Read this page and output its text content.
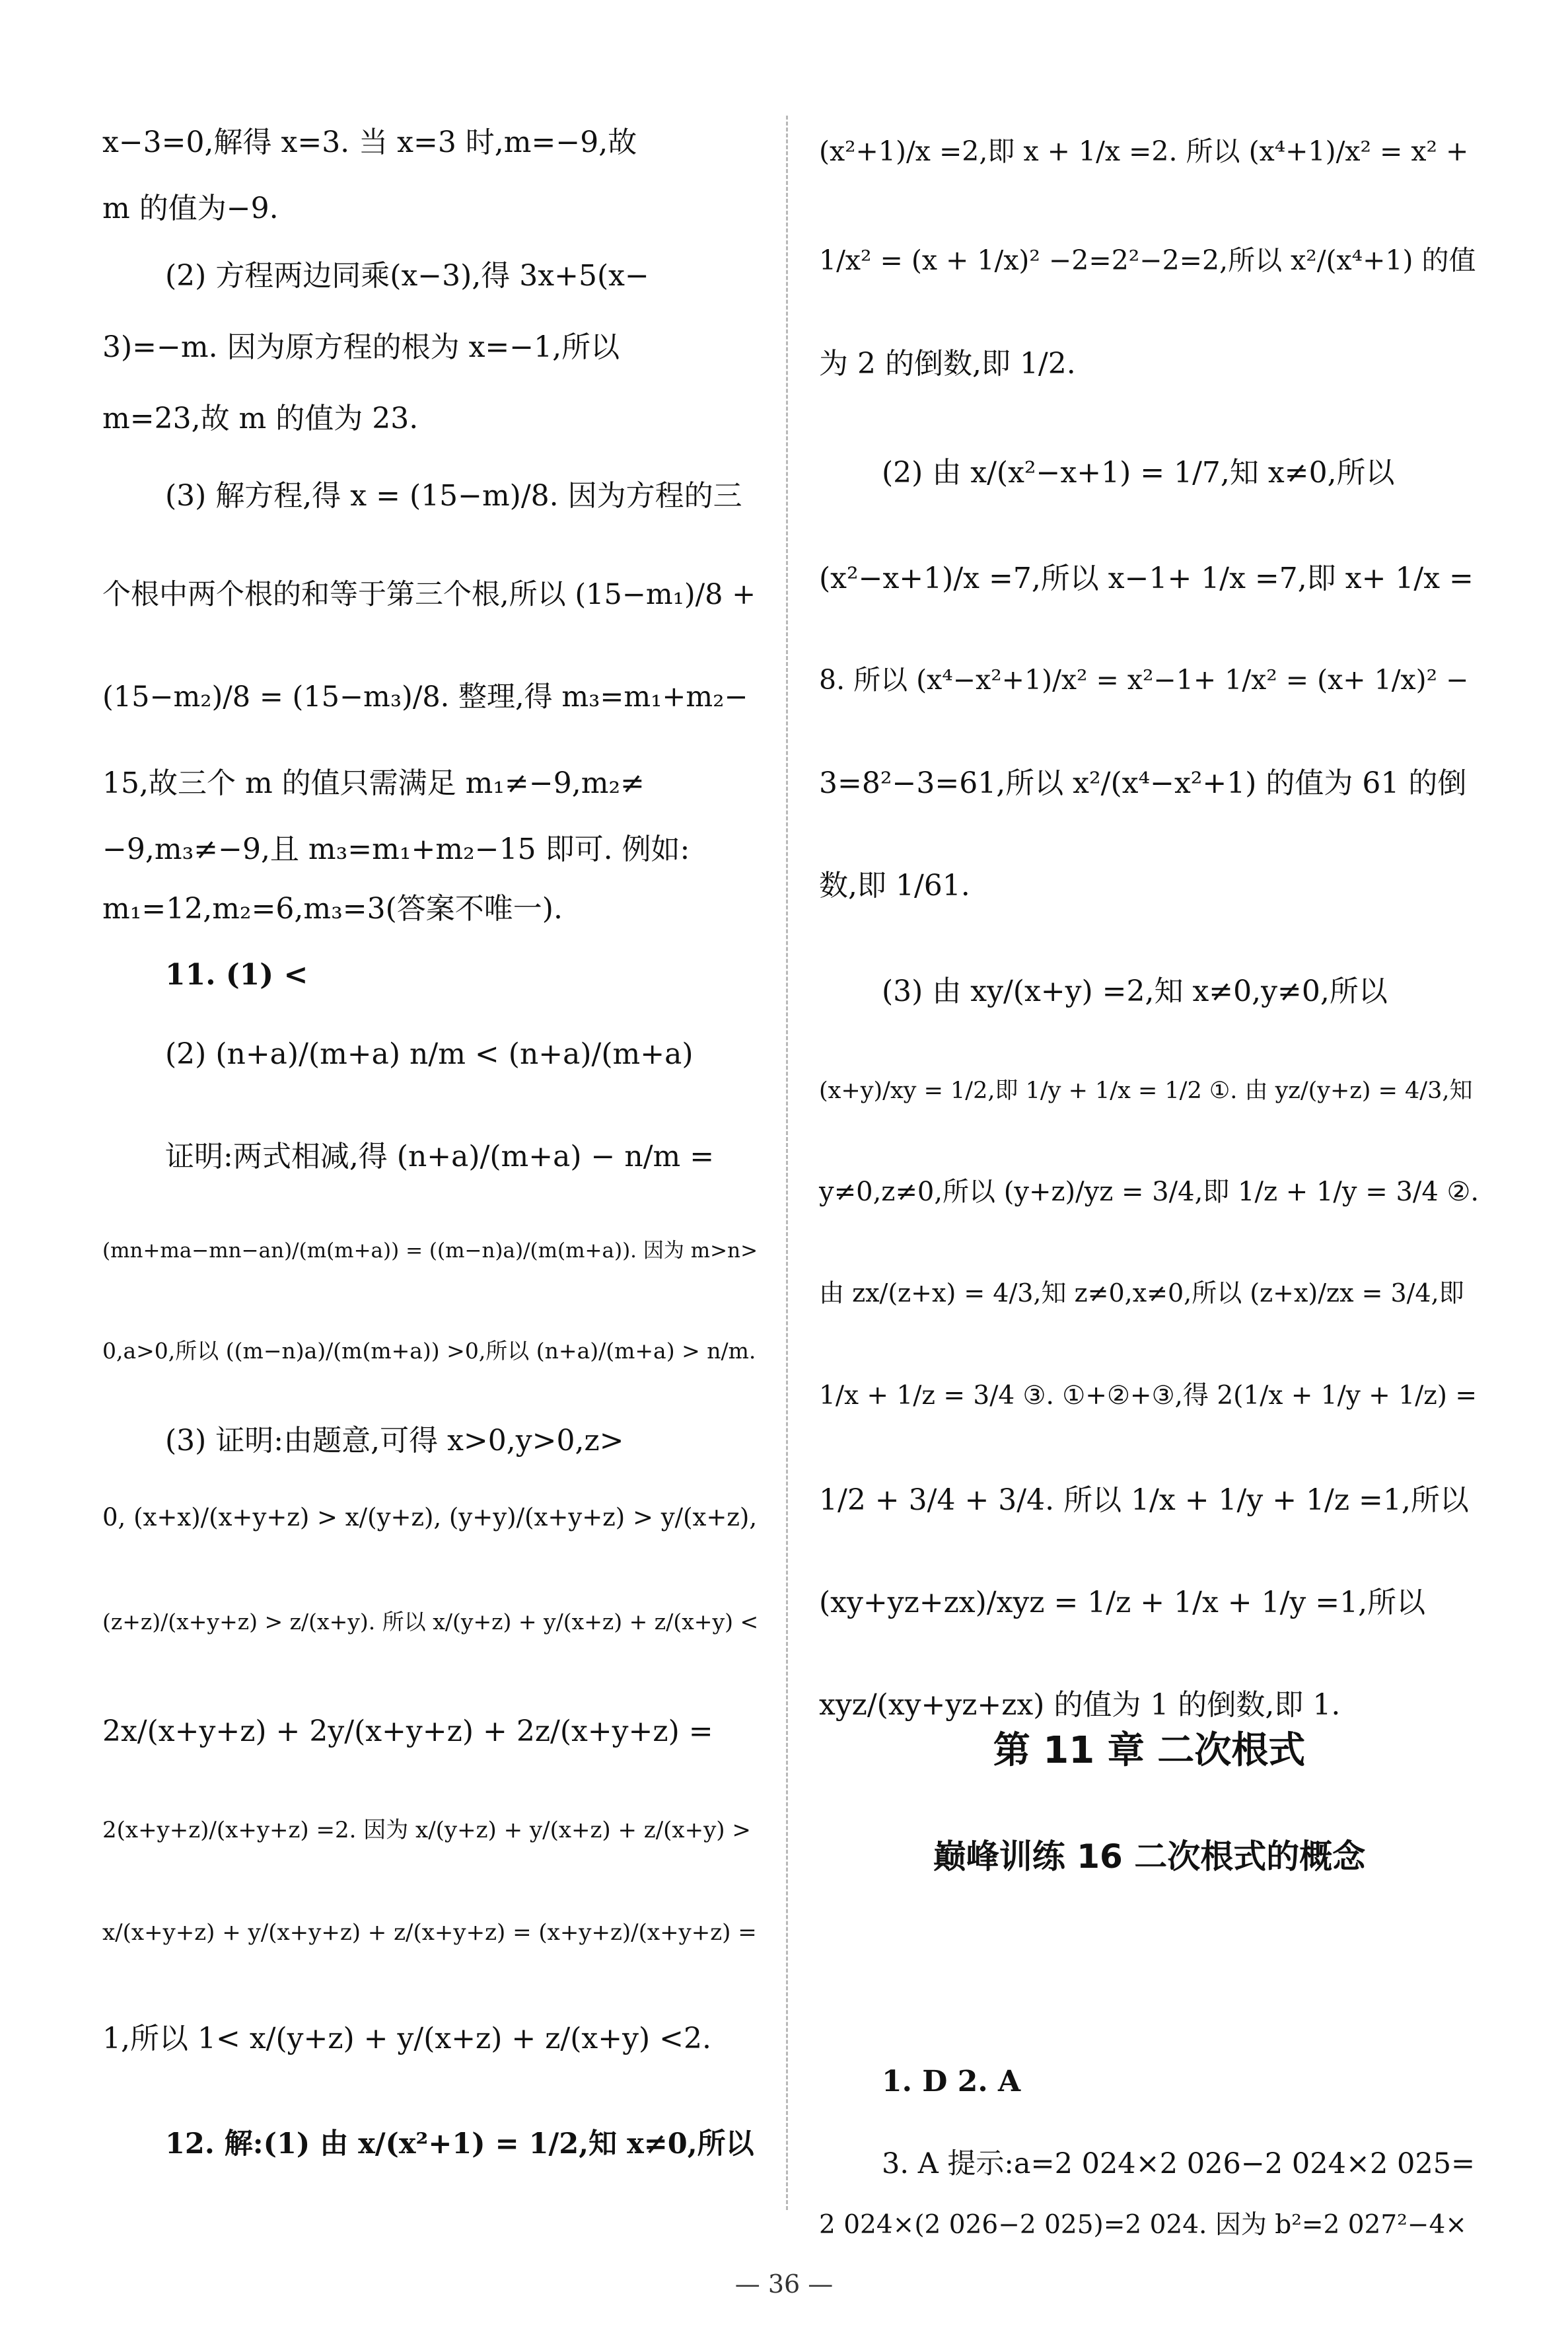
x−3=0,解得 x=3. 当 x=3 时,m=−9,故
m 的值为−9.
(2) 方程两边同乘(x−3),得 3x+5(x−
3)=−m. 因为原方程的根为 x=−1,所以
m=23,故 m 的值为 23.
(3) 解方程,得 x = (15−m)/8. 因为方程的三
个根中两个根的和等于第三个根,所以 (15−m₁)/8 +
(15−m₂)/8 = (15−m₃)/8. 整理,得 m₃=m₁+m₂−
15,故三个 m 的值只需满足 m₁≠−9,m₂≠
−9,m₃≠−9,且 m₃=m₁+m₂−15 即可. 例如:
m₁=12,m₂=6,m₃=3(答案不唯一).
11. (1) <
(2) (n+a)/(m+a) n/m < (n+a)/(m+a)
证明:两式相减,得 (n+a)/(m+a) − n/m =
(mn+ma−mn−an)/(m(m+a)) = ((m−n)a)/(m(m+a)). 因为 m>n>
0,a>0,所以 ((m−n)a)/(m(m+a)) >0,所以 (n+a)/(m+a) > n/m.
(3) 证明:由题意,可得 x>0,y>0,z>
0, (x+x)/(x+y+z) > x/(y+z), (y+y)/(x+y+z) > y/(x+z),
(z+z)/(x+y+z) > z/(x+y). 所以 x/(y+z) + y/(x+z) + z/(x+y) <
2x/(x+y+z) + 2y/(x+y+z) + 2z/(x+y+z) =
2(x+y+z)/(x+y+z) =2. 因为 x/(y+z) + y/(x+z) + z/(x+y) >
x/(x+y+z) + y/(x+y+z) + z/(x+y+z) = (x+y+z)/(x+y+z) =
1,所以 1< x/(y+z) + y/(x+z) + z/(x+y) <2.
12. 解:(1) 由 x/(x²+1) = 1/2,知 x≠0,所以
(x²+1)/x =2,即 x + 1/x =2. 所以 (x⁴+1)/x² = x² +
1/x² = (x + 1/x)² −2=2²−2=2,所以 x²/(x⁴+1) 的值
为 2 的倒数,即 1/2.
(2) 由 x/(x²−x+1) = 1/7,知 x≠0,所以
(x²−x+1)/x =7,所以 x−1+ 1/x =7,即 x+ 1/x =
8. 所以 (x⁴−x²+1)/x² = x²−1+ 1/x² = (x+ 1/x)² −
3=8²−3=61,所以 x²/(x⁴−x²+1) 的值为 61 的倒
数,即 1/61.
(3) 由 xy/(x+y) =2,知 x≠0,y≠0,所以
(x+y)/xy = 1/2,即 1/y + 1/x = 1/2 ①. 由 yz/(y+z) = 4/3,知
y≠0,z≠0,所以 (y+z)/yz = 3/4,即 1/z + 1/y = 3/4 ②.
由 zx/(z+x) = 4/3,知 z≠0,x≠0,所以 (z+x)/zx = 3/4,即
1/x + 1/z = 3/4 ③. ①+②+③,得 2(1/x + 1/y + 1/z) =
1/2 + 3/4 + 3/4. 所以 1/x + 1/y + 1/z =1,所以
(xy+yz+zx)/xyz = 1/z + 1/x + 1/y =1,所以
xyz/(xy+yz+zx) 的值为 1 的倒数,即 1.
1. D 2. A
3. A 提示:a=2 024×2 026−2 024×2 025=
2 024×(2 026−2 025)=2 024. 因为 b²=2 027²−4×
第 11 章 二次根式
巅峰训练 16 二次根式的概念
— 36 —
